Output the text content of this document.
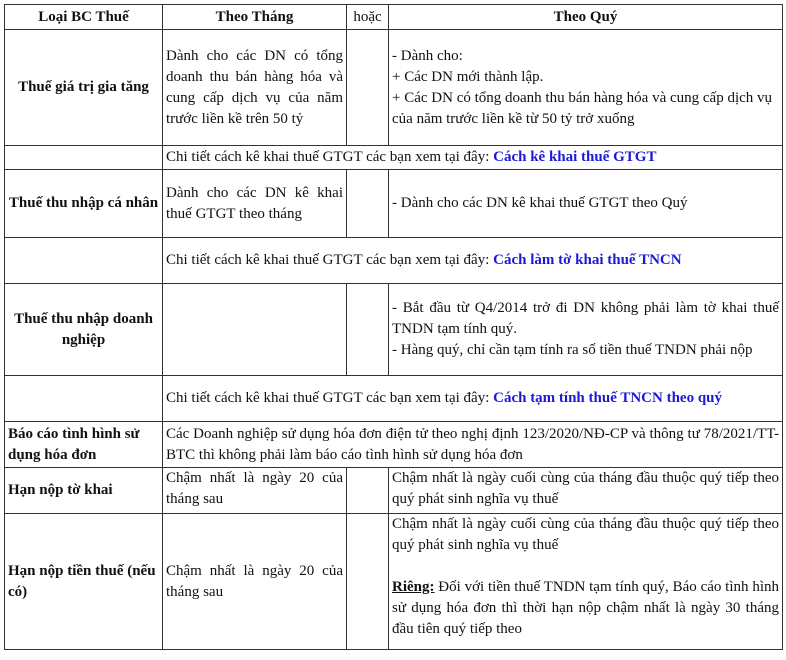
Loại BC Thuế	Theo Tháng	hoặc	Theo Quý
Thuế giá trị gia tăng	Dành cho các DN có tổng doanh thu bán hàng hóa và cung cấp dịch vụ của năm trước liền kề trên 50 tỷ		- Dành cho:
+ Các DN mới thành lập.
+ Các DN có tổng doanh thu bán hàng hóa và cung cấp dịch vụ của năm trước liền kề từ 50 tỷ trở xuống

	Chi tiết cách kê khai thuế GTGT các bạn xem tại đây: Cách kê khai thuế GTGT		
Thuế thu nhập cá nhân	Dành cho các DN kê khai thuế GTGT theo tháng		- Dành cho các DN kê khai thuế GTGT theo Quý
	Chi tiết cách kê khai thuế GTGT các bạn xem tại đây: Cách làm tờ khai thuế TNCN		
Thuế thu nhập doanh nghiệp			- Bắt đầu từ Q4/2014 trở đi DN không phải làm tờ khai thuế TNDN tạm tính quý.
- Hàng quý, chỉ cần tạm tính ra số tiền thuế TNDN phải nộp

	Chi tiết cách kê khai thuế GTGT các bạn xem tại đây: Cách tạm tính thuế TNCN theo quý		
Báo cáo tình hình sử dụng hóa đơn	Các Doanh nghiệp sử dụng hóa đơn điện tử theo nghị định 123/2020/NĐ-CP và thông tư 78/2021/TT-BTC thì không phải làm báo cáo tình hình sử dụng hóa đơn		
Hạn nộp tờ khai	Chậm nhất là ngày 20 của tháng sau		Chậm nhất là ngày cuối cùng của tháng đầu thuộc quý tiếp theo quý phát sinh nghĩa vụ thuế
Hạn nộp tiền thuế (nếu có)	Chậm nhất là ngày 20 của tháng sau		Chậm nhất là ngày cuối cùng của tháng đầu thuộc quý tiếp theo quý phát sinh nghĩa vụ thuế
Riêng: Đối với tiền thuế TNDN tạm tính quý, Báo cáo tình hình sử dụng hóa đơn thì thời hạn nộp chậm nhất là ngày 30 tháng đầu tiên quý tiếp theo
